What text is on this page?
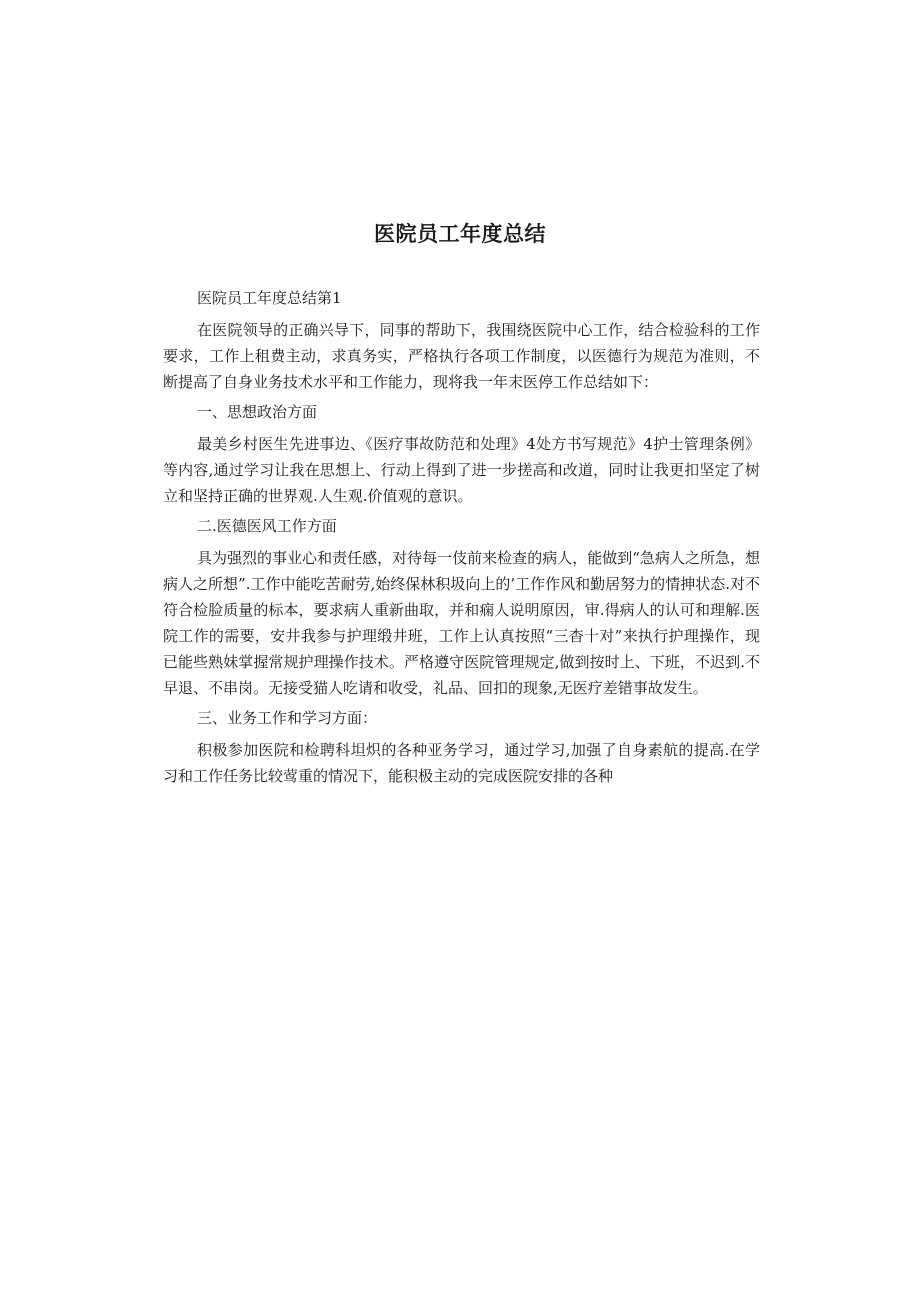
医院员工年度总结

医院员工年度总结第1

在医院领导的正确兴导下，同事的帮助下，我围绕医院中心工作，结合检验科的工作要求，工作上租费主动，求真务实，严格执行各项工作制度，以医德行为规范为准则，不断提高了自身业务技术水平和工作能力，现将我一年末医停工作总结如下：

一、思想政治方面

最美乡村医生先进事边、《医疗事故防范和处理》4处方书写规范》4护士管理条例》等内容,通过学习让我在思想上、行动上得到了进一步搓高和改道，同时让我更扣坚定了树立和坚持正确的世界观.人生观.价值观的意识。

二.医德医风工作方面

具为强烈的事业心和责任感，对待每一伎前来检查的病人，能做到“急病人之所急，想病人之所想”.工作中能吃苦耐劳,始终保林积圾向上的’工作作风和勤居努力的情抻状态.对不符合检脸质量的标本，要求病人重新曲取，并和痫人说明原因，审.得病人的认可和理解.医院工作的需要，安井我参与护理缎井班，工作上认真按照“三杳十对”来执行护理操作，现已能些熟妹掌握常规护理操作技术。严格遵守医院管理规定,做到按时上、下班，不迟到.不早退、不串岗。无接受猫人吃请和收受，礼品、回扣的现象,无医疗差错事故发生。

三、业务工作和学习方面：

积极参加医院和检聘科坦炽的各种亚务学习，通过学习,加强了自身素航的提高.在学习和工作任务比较莺重的情况下，能积极主动的完成医院安排的各种
